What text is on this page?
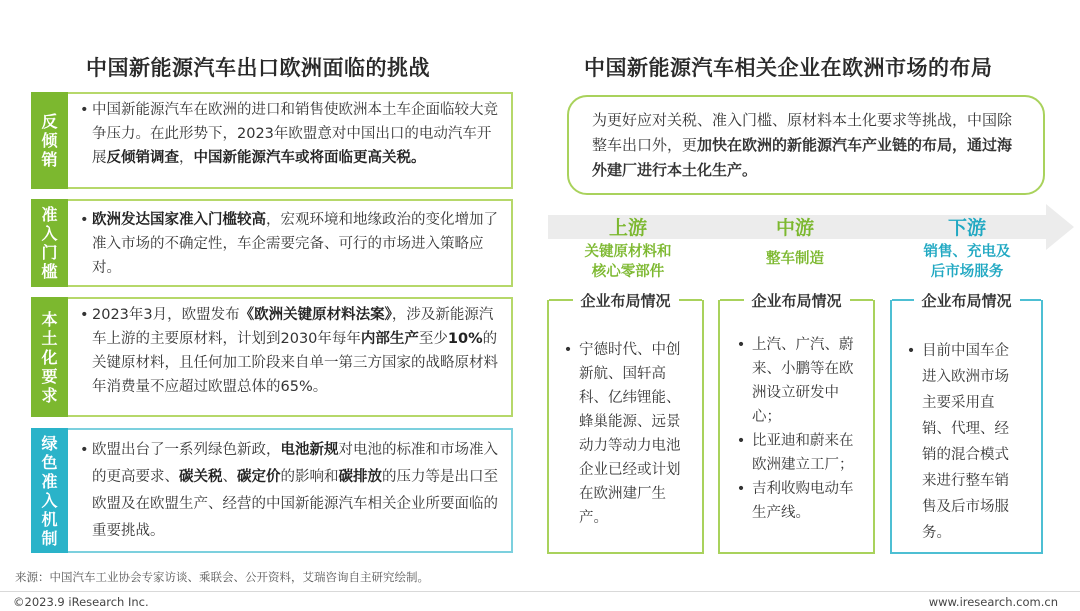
中国新能源汽车出口欧洲面临的挑战	中国新能源汽车相关企业在欧洲市场的布局
反倾销
• 中国新能源汽车在欧洲的进口和销售使欧洲本土车企面临较大竞争压力。在此形势下，2023年欧盟意对中国出口的电动汽车开展反倾销调查，中国新能源汽车或将面临更高关税。
准入门槛
• 欧洲发达国家准入门槛较高，宏观环境和地缘政治的变化增加了准入市场的不确定性，车企需要完备、可行的市场进入策略应对。
本土化要求
• 2023年3月，欧盟发布《欧洲关键原材料法案》，涉及新能源汽车上游的主要原材料，计划到2030年每年内部生产至少10%的关键原材料，且任何加工阶段来自单一第三方国家的战略原材料年消费量不应超过欧盟总体的65%。
绿色准入机制
• 欧盟出台了一系列绿色新政，电池新规对电池的标准和市场准入的更高要求、碳关税、碳定价的影响和碳排放的压力等是出口至欧盟及在欧盟生产、经营的中国新能源汽车相关企业所要面临的重要挑战。
为更好应对关税、准入门槛、原材料本土化要求等挑战，中国除整车出口外，更加快在欧洲的新能源汽车产业链的布局，通过海外建厂进行本土化生产。
上游
关键原材料和
核心零部件
中游
整车制造
下游
销售、充电及
后市场服务
企业布局情况
• 宁德时代、中创新航、国轩高科、亿纬锂能、蜂巢能源、远景动力等动力电池企业已经或计划在欧洲建厂生产。
企业布局情况
• 上汽、广汽、蔚来、小鹏等在欧洲设立研发中心；
• 比亚迪和蔚来在欧洲建立工厂；
• 吉利收购电动车生产线。
企业布局情况
• 目前中国车企进入欧洲市场主要采用直销、代理、经销的混合模式来进行整车销售及后市场服务。
来源：中国汽车工业协会专家访谈、乘联会、公开资料，艾瑞咨询自主研究绘制。
©2023.9 iResearch Inc.	www.iresearch.com.cn
